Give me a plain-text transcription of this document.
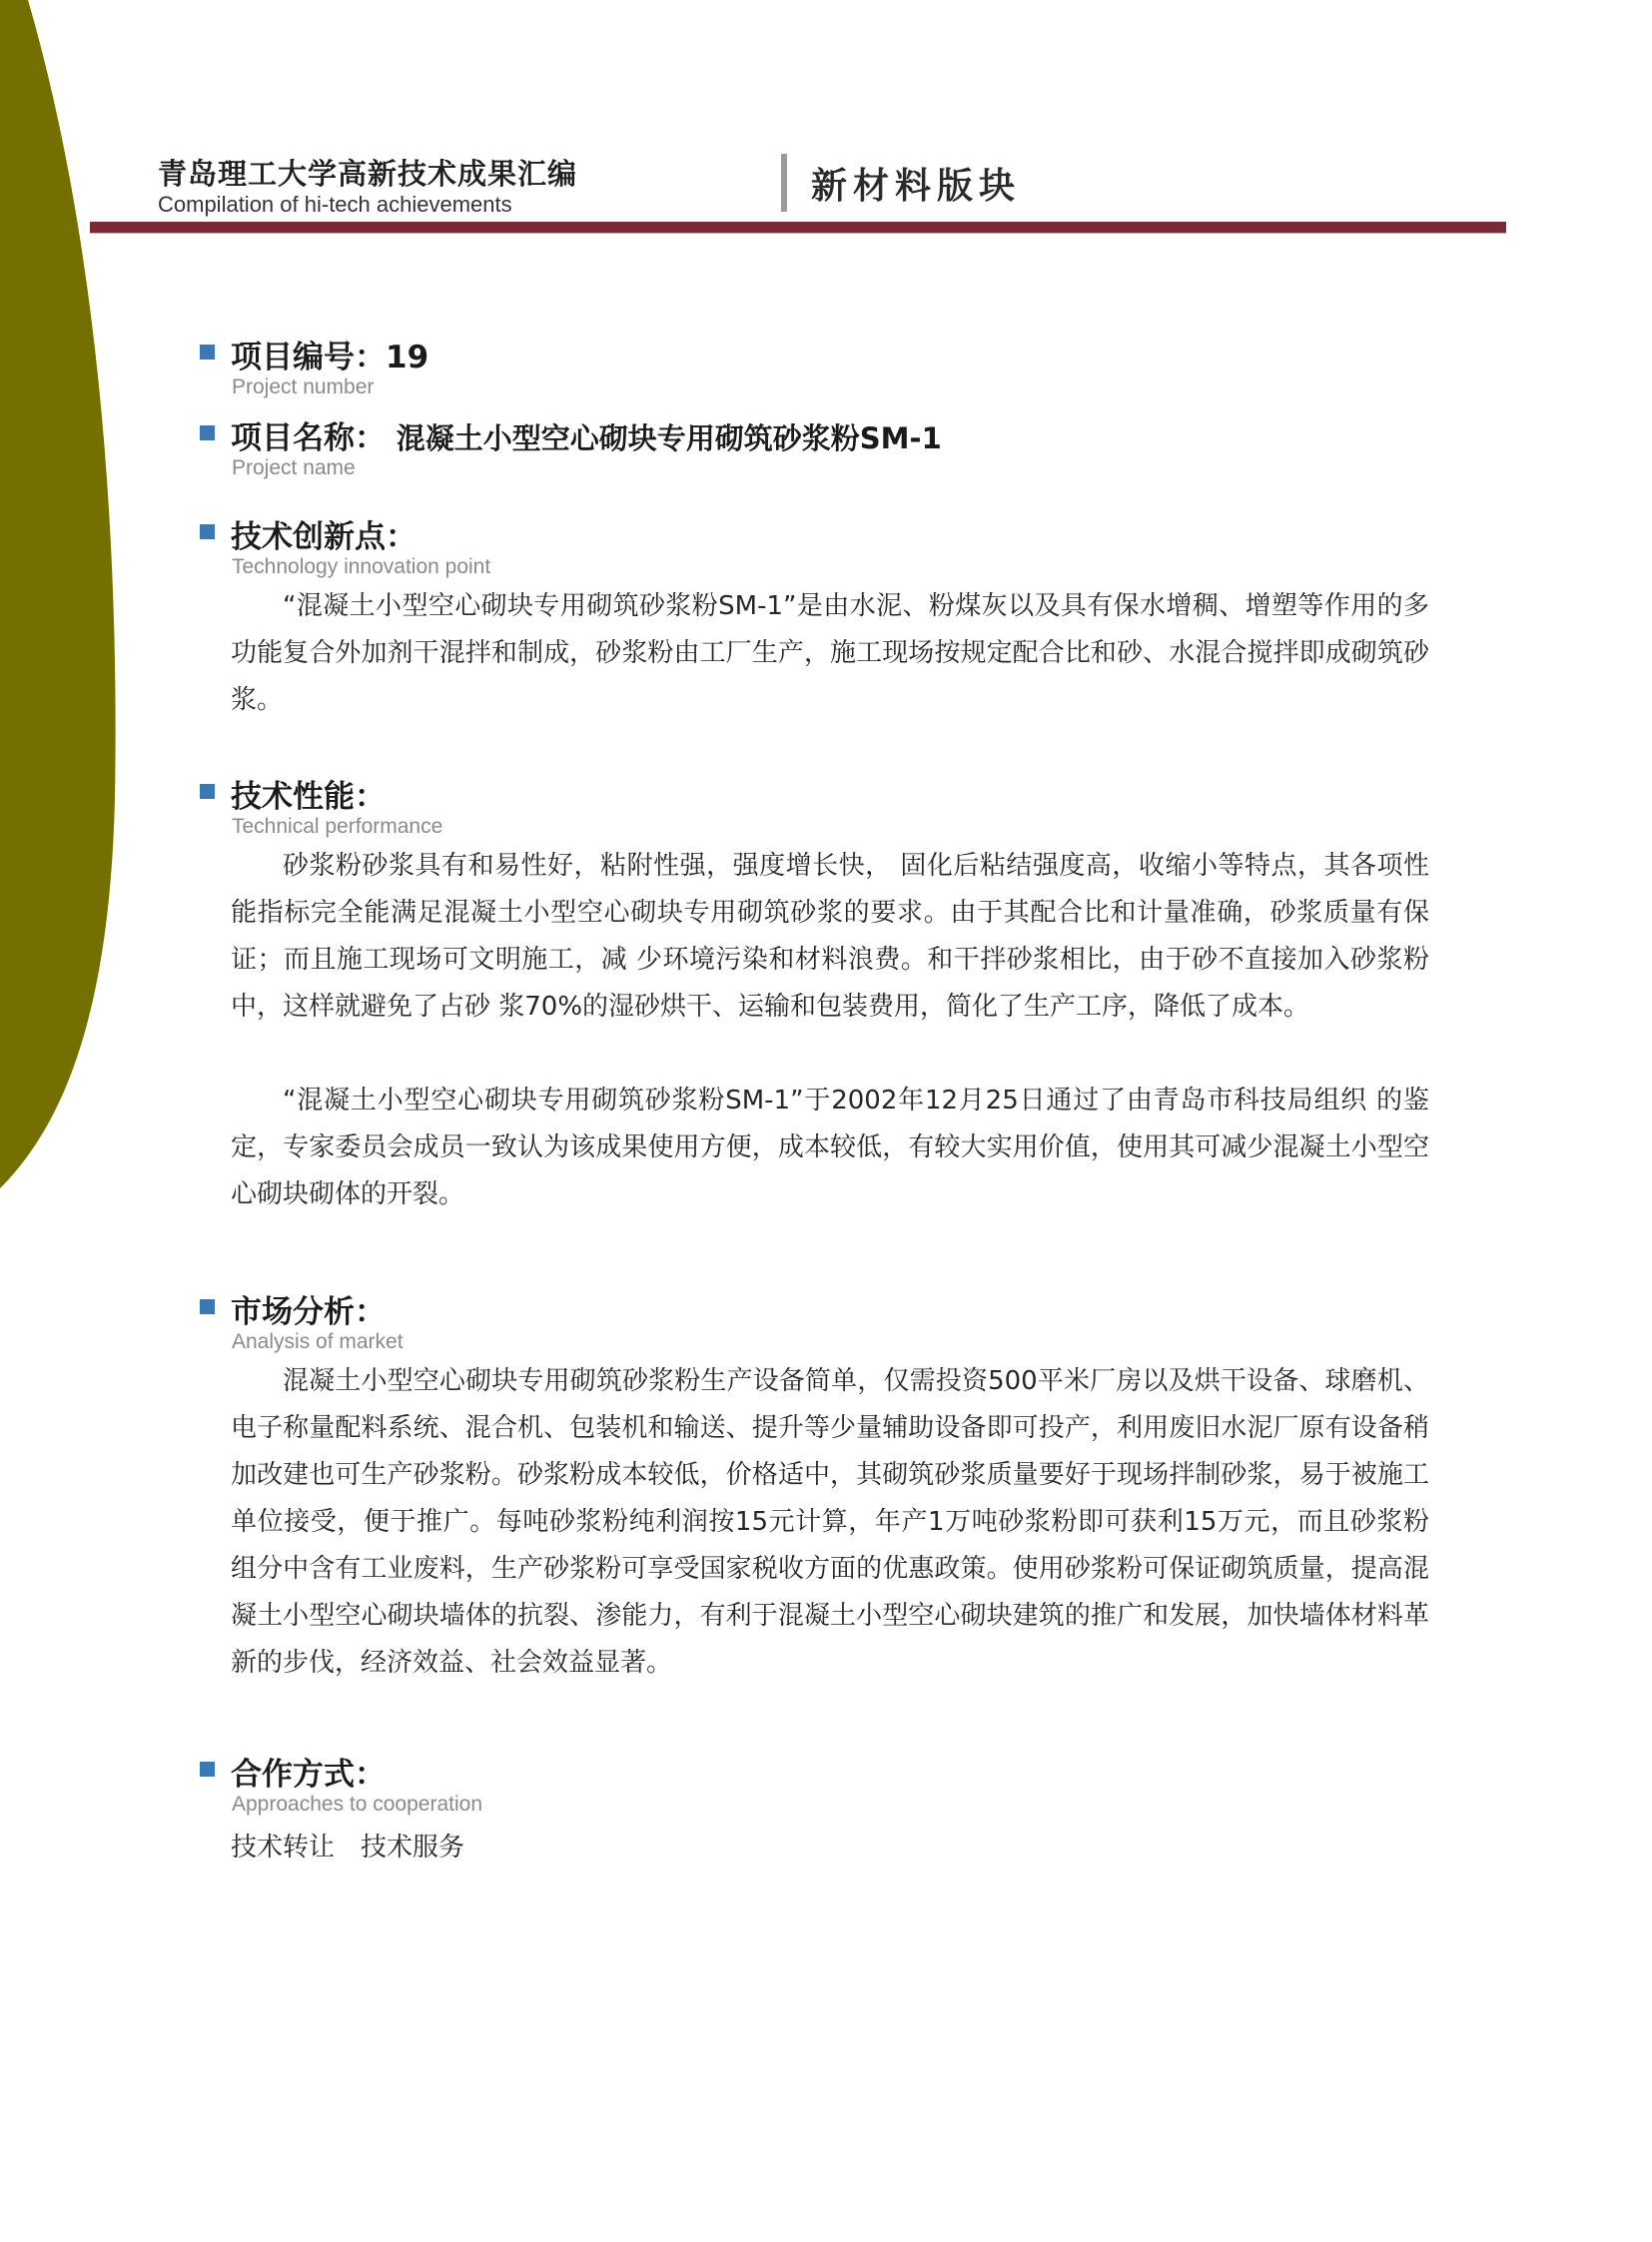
青岛理工大学高新技术成果汇编
Compilation of hi-tech achievements	新材料版块
项目编号：19
Project number
项目名称： 混凝土小型空心砌块专用砌筑砂浆粉SM-1
Project name
技术创新点：
Technology innovation point

“混凝土小型空心砌块专用砌筑砂浆粉SM-1”是由水泥、粉煤灰以及具有保水增稠、增塑等作用的多功能复合外加剂干混拌和制成，砂浆粉由工厂生产，施工现场按规定配合比和砂、水混合搅拌即成砌筑砂浆。

技术性能：
Technical performance

砂浆粉砂浆具有和易性好，粘附性强，强度增长快， 固化后粘结强度高，收缩小等特点，其各项性能指标完全能满足混凝土小型空心砌块专用砌筑砂浆的要求。由于其配合比和计量准确，砂浆质量有保证；而且施工现场可文明施工，减 少环境污染和材料浪费。和干拌砂浆相比，由于砂不直接加入砂浆粉中，这样就避免了占砂 浆70%的湿砂烘干、运输和包装费用，简化了生产工序，降低了成本。

“混凝土小型空心砌块专用砌筑砂浆粉SM-1”于2002年12月25日通过了由青岛市科技局组织 的鉴定，专家委员会成员一致认为该成果使用方便，成本较低，有较大实用价值，使用其可减少混凝土小型空心砌块砌体的开裂。

市场分析：
Analysis of market

混凝土小型空心砌块专用砌筑砂浆粉生产设备简单，仅需投资500平米厂房以及烘干设备、球磨机、电子称量配料系统、混合机、包装机和输送、提升等少量辅助设备即可投产，利用废旧水泥厂原有设备稍加改建也可生产砂浆粉。砂浆粉成本较低，价格适中，其砌筑砂浆质量要好于现场拌制砂浆，易于被施工单位接受，便于推广。每吨砂浆粉纯利润按15元计算，年产1万吨砂浆粉即可获利15万元，而且砂浆粉组分中含有工业废料，生产砂浆粉可享受国家税收方面的优惠政策。使用砂浆粉可保证砌筑质量，提高混凝土小型空心砌块墙体的抗裂、渗能力，有利于混凝土小型空心砌块建筑的推广和发展，加快墙体材料革新的步伐，经济效益、社会效益显著。

合作方式：
Approaches to cooperation
技术转让　技术服务
